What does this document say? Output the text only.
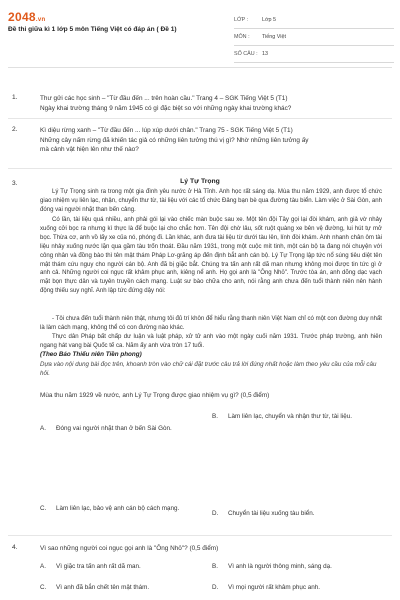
2048.vn
Đề thi giữa kì 1 lớp 5 môn Tiếng Việt có đáp án ( Đề 1)
LỚP :	Lớp 5
MÔN :	Tiếng Việt
SỐ CÂU : 13
1.	Thư gửi các học sinh – "Từ đầu đến ... trên hoàn cầu." Trang 4 – SGK Tiếng Việt 5 (T1)
Ngày khai trường tháng 9 năm 1945 có gì đặc biệt so với những ngày khai trường khác?
2.	Kì diệu rừng xanh – "Từ đầu đến ... lúp xúp dưới chân." Trang 75 - SGK Tiếng Việt 5 (T1)
Những cây nấm rừng đã khiến tác giả có những liên tưởng thú vị gì? Nhờ những liên tưởng ấy
mà cảnh vật hiện lên như thế nào?
3.	Lý Tự Trọng

Lý Tự Trọng sinh ra trong một gia đình yêu nước ở Hà Tĩnh. Anh học rất sáng dạ. Mùa thu năm 1929, anh được tổ chức giao nhiệm vụ liên lạc, nhận, chuyển thư từ, tài liệu với các tổ chức Đảng bạn bè qua đường tàu biển. Làm việc ở Sài Gòn, anh đóng vai người nhặt than bến cảng.

Có lần, tài liệu quá nhiều, anh phải gói lại vào chiếc màn buộc sau xe. Một tên đội Tây gọi lại đòi khám, anh giả vờ nhảy xuống cởi bọc ra nhưng kì thực là để buộc lại cho chắc hơn. Tên đội chờ lâu, sốt ruột quàng xe bên vệ đường, lui hút tự mở bọc. Thừa cơ, anh vồ lấy xe của nó, phóng đi. Lần khác, anh đưa tài liệu từ dưới tàu lên, lính đòi khám. Anh nhanh chân ôm tài liệu nhảy xuống nước lặn qua gầm tàu trốn thoát. Đầu năm 1931, trong một cuộc mít tinh, một cán bộ ta đang nói chuyện với công nhân và đồng bào thì tên mật thám Pháp Lơ-grăng áp đến định bắt anh cán bộ. Lý Tự Trọng lập tức nổ súng tiêu diệt tên mật thám cứu nguy cho người cán bộ. Anh đã bị giặc bắt. Chúng tra tấn anh rất dã man nhưng không moi được tin tức gì ở anh cả. Những người coi ngục rất khâm phục anh, kiêng nể anh. Họ gọi anh là "Ông Nhỏ". Trước tòa án, anh dõng dạc vạch mặt bọn thực dân và tuyên truyền cách mạng. Luật sư bào chữa cho anh, nói rằng anh chưa đến tuổi thành niên nên hành động thiếu suy nghĩ. Anh lập tức đứng dậy nói:

- Tôi chưa đến tuổi thành niên thật, nhưng tôi đủ trí khôn để hiểu rằng thanh niên Việt Nam chỉ có một con đường duy nhất là làm cách mạng, không thể có con đường nào khác.

Thực dân Pháp bất chấp dư luận và luật pháp, xử tử anh vào một ngày cuối năm 1931. Trước pháp trường, anh hiên ngang hát vang bài Quốc tế ca. Năm ấy anh vừa tròn 17 tuổi.

(Theo Báo Thiếu niên Tiền phong)
Dựa vào nội dung bài đọc trên, khoanh tròn vào chữ cái đặt trước câu trả lời đúng nhất hoặc làm theo yêu cầu của mỗi câu hỏi.
Mùa thu năm 1929 về nước, anh Lý Tự Trọng được giao nhiệm vụ gì? (0,5 điểm)
A.	Đóng vai người nhặt than ở bến Sài Gòn.
B.	Làm liên lạc, chuyển và nhận thư từ, tài liệu.
C.	Làm liên lạc, bảo vệ anh cán bộ cách mạng.
D.	Chuyển tài liệu xuống tàu biển.
4.	Vì sao những người coi ngục gọi anh là "Ông Nhỏ"? (0,5 điểm)
A.	Vì giặc tra tấn anh rất dã man.	B.	Vì anh là người thông minh, sáng dạ.
C.	Vì anh đã bắn chết tên mật thám.	D.	Vì mọi người rất khâm phục anh.
